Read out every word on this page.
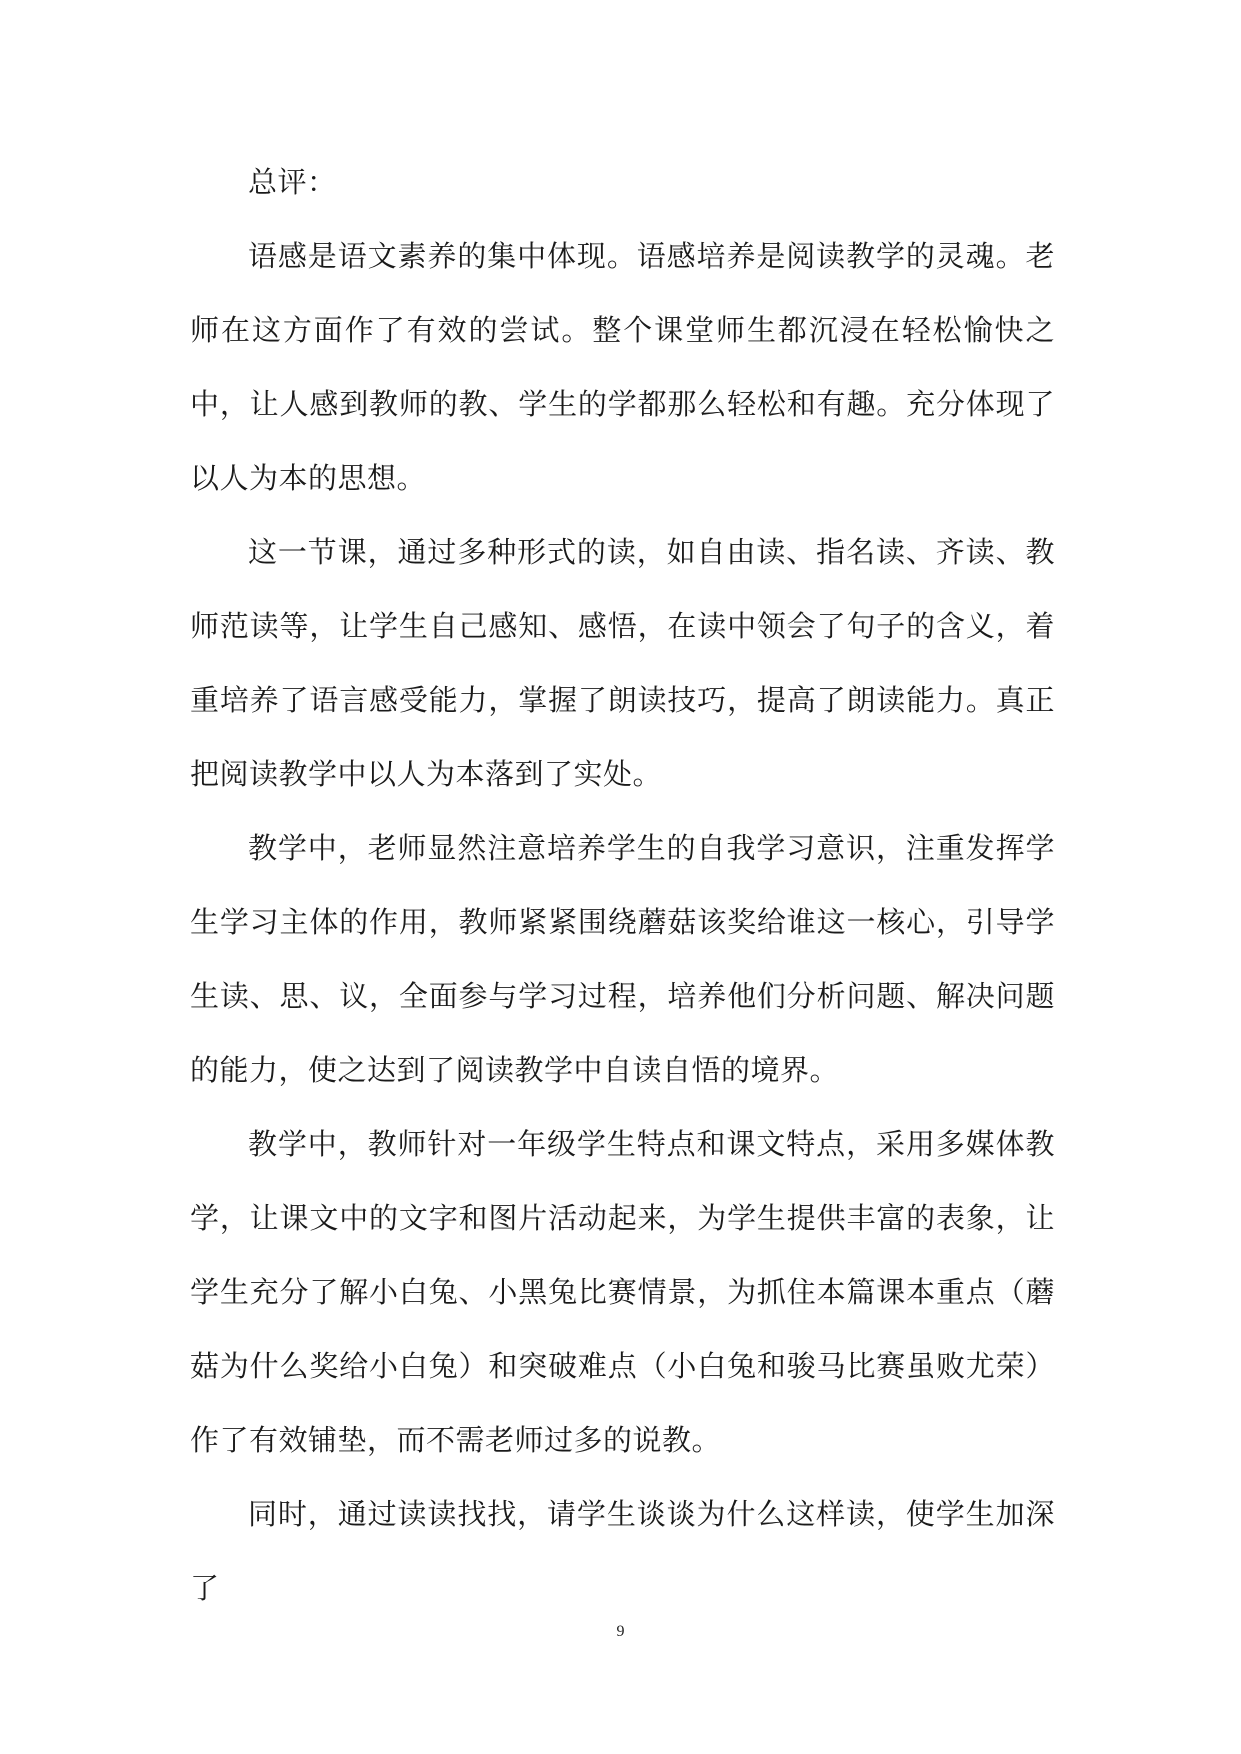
总评：

语感是语文素养的集中体现。语感培养是阅读教学的灵魂。老师在这方面作了有效的尝试。整个课堂师生都沉浸在轻松愉快之中，让人感到教师的教、学生的学都那么轻松和有趣。充分体现了以人为本的思想。

这一节课，通过多种形式的读，如自由读、指名读、齐读、教师范读等，让学生自己感知、感悟，在读中领会了句子的含义，着重培养了语言感受能力，掌握了朗读技巧，提高了朗读能力。真正把阅读教学中以人为本落到了实处。

教学中，老师显然注意培养学生的自我学习意识，注重发挥学生学习主体的作用，教师紧紧围绕蘑菇该奖给谁这一核心，引导学生读、思、议，全面参与学习过程，培养他们分析问题、解决问题的能力，使之达到了阅读教学中自读自悟的境界。

教学中，教师针对一年级学生特点和课文特点，采用多媒体教学，让课文中的文字和图片活动起来，为学生提供丰富的表象，让学生充分了解小白兔、小黑兔比赛情景，为抓住本篇课本重点（蘑菇为什么奖给小白兔）和突破难点（小白兔和骏马比赛虽败尤荣）作了有效铺垫，而不需老师过多的说教。

同时，通过读读找找，请学生谈谈为什么这样读，使学生加深了

9
